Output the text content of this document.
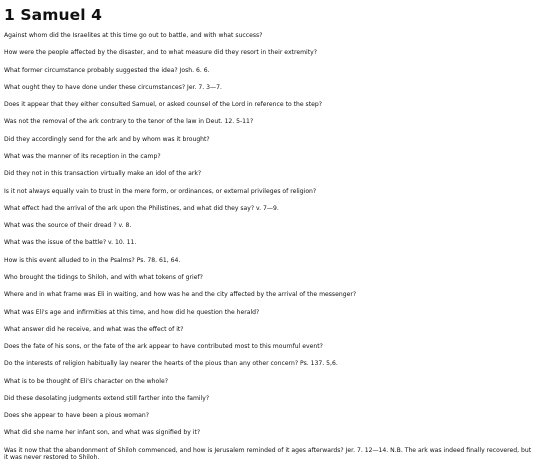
1 Samuel 4
Against whom did the Israelites at this time go out to battle, and with what success?
How were the people affected by the disaster, and to what measure did they resort in their extremity?
What former circumstance probably suggested the idea? Josh. 6. 6.
What ought they to have done under these circumstances? Jer. 7. 3—7.
Does it appear that they either consulted Samuel, or asked counsel of the Lord in reference to the step?
Was not the removal of the ark contrary to the tenor of the law in Deut. 12. 5-11?
Did they accordingly send for the ark and by whom was it brought?
What was the manner of its reception in the camp?
Did they not in this transaction virtually make an idol of the ark?
Is it not always equally vain to trust in the mere form, or ordinances, or external privileges of religion?
What effect had the arrival of the ark upon the Philistines, and what did they say? v. 7—9.
What was the source of their dread ? v. 8.
What was the issue of the battle? v. 10. 11.
How is this event alluded to in the Psalms? Ps. 78. 61, 64.
Who brought the tidings to Shiloh, and with what tokens of grief?
Where and in what frame was Eli in waiting, and how was he and the city affected by the arrival of the messenger?
What was Eli's age and infirmities at this time, and how did he question the herald?
What answer did he receive, and what was the effect of it?
Does the fate of his sons, or the fate of the ark appear to have contributed most to this mournful event?
Do the interests of religion habitually lay nearer the hearts of the pious than any other concern? Ps. 137. 5,6.
What is to be thought of Eli's character on the whole?
Did these desolating judgments extend still farther into the family?
Does she appear to have been a pious woman?
What did she name her infant son, and what was signified by it?
Was it now that the abandonment of Shiloh commenced, and how is Jerusalem reminded of it ages afterwards? Jer. 7. 12—14. N.B. The ark was indeed finally recovered, but it was never restored to Shiloh.
